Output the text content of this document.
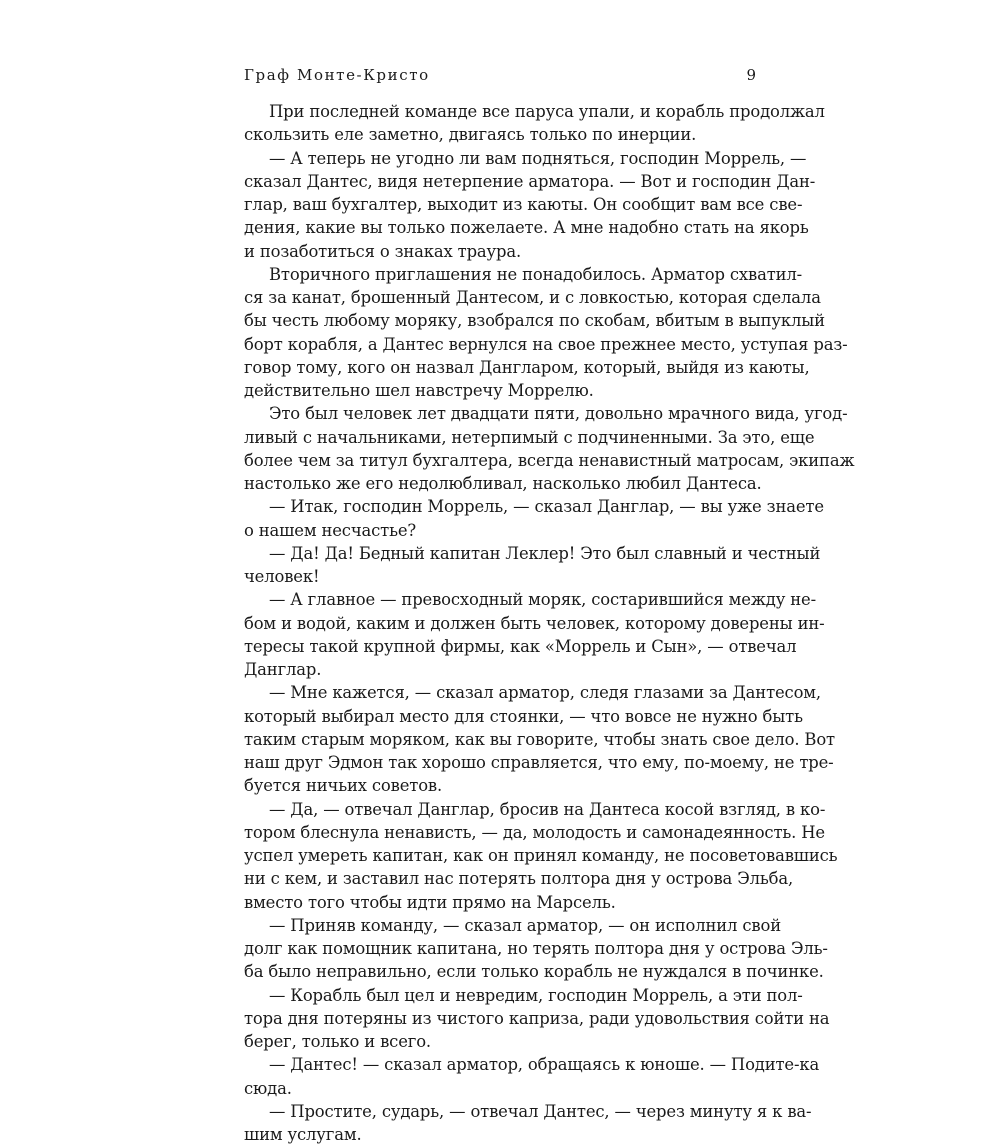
Граф Монте-Кристо	9

При последней команде все паруса упали, и корабль продолжал
скользить еле заметно, двигаясь только по инерции.

— А теперь не угодно ли вам подняться, господин Моррель, —
сказал Дантес, видя нетерпение арматора. — Вот и господин Дан-
глар, ваш бухгалтер, выходит из каюты. Он сообщит вам все све-
дения, какие вы только пожелаете. А мне надобно стать на якорь
и позаботиться о знаках траура.

Вторичного приглашения не понадобилось. Арматор схватил-
ся за канат, брошенный Дантесом, и с ловкостью, которая сделала
бы честь любому моряку, взобрался по скобам, вбитым в выпуклый
борт корабля, а Дантес вернулся на свое прежнее место, уступая раз-
говор тому, кого он назвал Дангларом, который, выйдя из каюты,
действительно шел навстречу Моррелю.

Это был человек лет двадцати пяти, довольно мрачного вида, угод-
ливый с начальниками, нетерпимый с подчиненными. За это, еще
более чем за титул бухгалтера, всегда ненавистный матросам, экипаж
настолько же его недолюбливал, насколько любил Дантеса.

— Итак, господин Моррель, — сказал Данглар, — вы уже знаете
о нашем несчастье?

— Да! Да! Бедный капитан Леклер! Это был славный и честный
человек!

— А главное — превосходный моряк, состарившийся между не-
бом и водой, каким и должен быть человек, которому доверены ин-
тересы такой крупной фирмы, как «Моррель и Сын», — отвечал
Данглар.

— Мне кажется, — сказал арматор, следя глазами за Дантесом,
который выбирал место для стоянки, — что вовсе не нужно быть
таким старым моряком, как вы говорите, чтобы знать свое дело. Вот
наш друг Эдмон так хорошо справляется, что ему, по-моему, не тре-
буется ничьих советов.

— Да, — отвечал Данглар, бросив на Дантеса косой взгляд, в ко-
тором блеснула ненависть, — да, молодость и самонадеянность. Не
успел умереть капитан, как он принял команду, не посоветовавшись
ни с кем, и заставил нас потерять полтора дня у острова Эльба,
вместо того чтобы идти прямо на Марсель.

— Приняв команду, — сказал арматор, — он исполнил свой
долг как помощник капитана, но терять полтора дня у острова Эль-
ба было неправильно, если только корабль не нуждался в починке.

— Корабль был цел и невредим, господин Моррель, а эти пол-
тора дня потеряны из чистого каприза, ради удовольствия сойти на
берег, только и всего.

— Дантес! — сказал арматор, обращаясь к юноше. — Подите-ка
сюда.

— Простите, сударь, — отвечал Дантес, — через минуту я к ва-
шим услугам.
